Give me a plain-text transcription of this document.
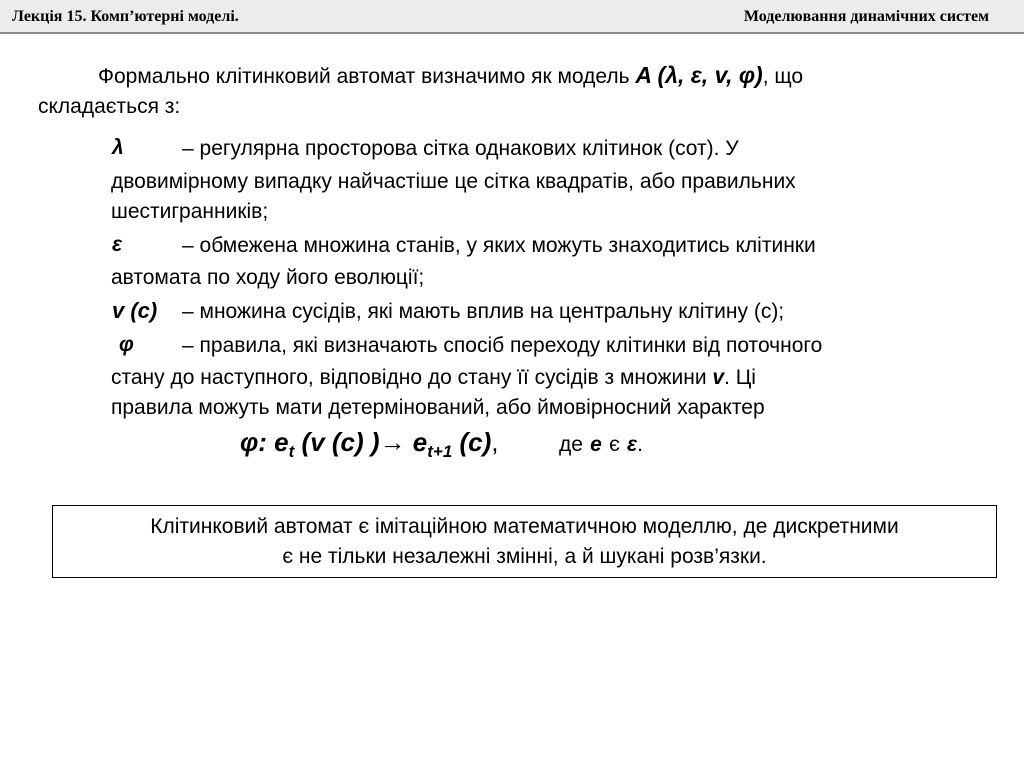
Лекція 15. Комп’ютерні моделі.	Моделювання динамічних систем
Формально клітинковий автомат визначимо як модель A (λ, ε, v, φ), що
складається з:
λ	– регулярна просторова сітка однакових клітинок (сот). У
двовимірному випадку найчастіше це сітка квадратів, або правильних
шестигранників;
ε	– обмежена множина станів, у яких можуть знаходитись клітинки
автомата по ходу його еволюції;
v (c) – множина сусідів, які мають вплив на центральну клітину (с);
φ – правила, які визначають спосіб переходу клітинки від поточного
стану до наступного, відповідно до стану її сусідів з множини v. Ці
правила можуть мати детермінований, або ймовірносний характер
φ: $e_t$ (v (c) )→ $e_{t+1}$ (c),	де e є ε.
Клітинковий автомат є імітаційною математичною моделлю, де дискретними
є не тільки незалежні змінні, а й шукані розв’язки.
